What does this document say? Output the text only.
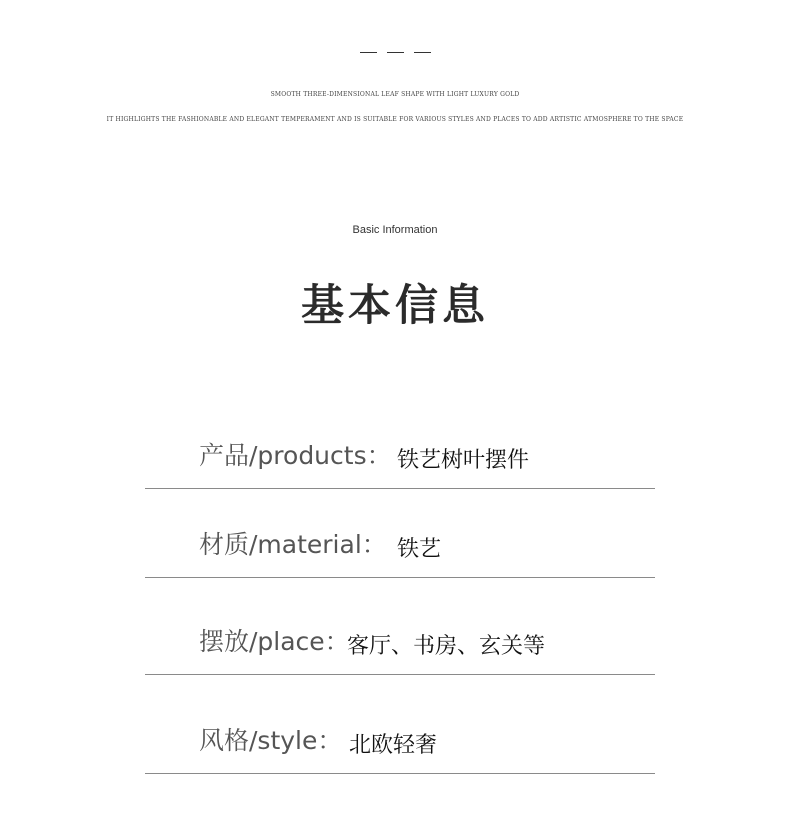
SMOOTH THREE-DIMENSIONAL LEAF SHAPE WITH LIGHT LUXURY GOLD
IT HIGHLIGHTS THE FASHIONABLE AND ELEGANT TEMPERAMENT AND IS SUITABLE FOR VARIOUS STYLES AND PLACES TO ADD ARTISTIC ATMOSPHERE TO THE SPACE
Basic Information
基本信息
产品/products： 铁艺树叶摆件
材质/material： 铁艺
摆放/place：
客厅、书房、玄关等
风格/style： 北欧轻奢
